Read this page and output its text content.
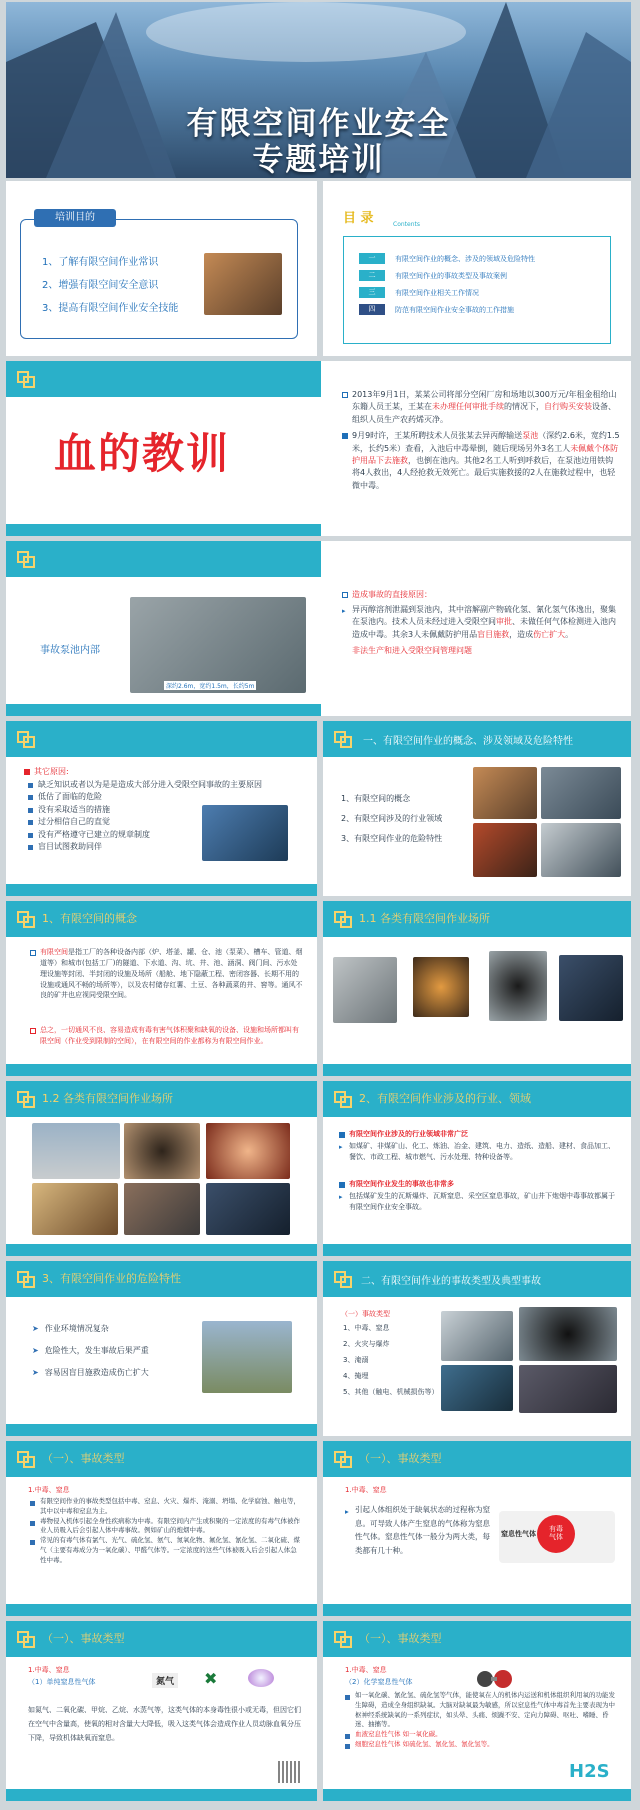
有限空间作业安全
专题培训
培训目的
1、了解有限空间作业常识
2、增强有限空间安全意识
3、提高有限空间作业安全技能
目 录	Contents
一	有限空间作业的概念、涉及的领域及危险特性
二	有限空间作业的事故类型及事故案例
三	有限空间作业相关工作情况
四	防范有限空间作业安全事故的工作措施
血的教训
2013年9月1日，某某公司将部分空闲厂房和场地以300万元/年租金租给山东籍人员王某，王某在未办理任何审批手续的情况下，自行购买安装设备、组织人员生产农药烯灭净。
9月9时许，王某所聘技术人员张某去异丙醇输送泵池（深约2.6米，宽约1.5米，长约5米）查看，入池后中毒晕倒，随后现场另外3名工人未佩戴个体防护用品下去施救，也倒在池内。其他2名工人听到呼救后，在泵池边用铁钩将4人救出，4人经抢救无效死亡。最后实施救援的2人在施救过程中，也轻微中毒。
事故泵池内部
深约2.6m，宽约1.5m，长约5m
造成事故的直接原因：
▸ 异丙醇溶剂泄漏到泵池内，其中溶解副产物硫化氢、氰化氢气体逸出，聚集在泵池内。技术人员未经过进入受限空间审批、未做任何气体检测进入池内造成中毒。其余3人未佩戴防护用品盲目施救，造成伤亡扩大。
非法生产和进入受限空间管理问题
其它原因:
缺乏知识或者以为是是造成大部分进入受限空间事故的主要原因
低估了面临的危险
没有采取适当的措施
过分相信自己的直觉
没有严格遵守已建立的规章制度
盲目试图救助同伴
一、有限空间作业的概念、涉及领域及危险特性
1、有限空间的概念
2、有限空间涉及的行业领域
3、有限空间作业的危险特性
1、有限空间的概念
有限空间是指工厂的各种设备内部（炉、塔釜、罐、仓、池（泵菜）、槽车、管道、烟道等）和城市(包括工厂)的隧道、下水道、沟、坑、井、池、涵洞、阀门间、污水处理设施等封闭、半封闭的设施及场所（船舱、地下隐蔽工程、密闭容器、长期不用的设施或通风不畅的场所等），以及农村储存红薯、土豆、各种蔬菜的井、窖等。通风不良的矿井也应视同受限空间。
总之，一切通风不良、容易造成有毒有害气体积聚和缺氧的设备、设施和场所都叫有限空间（作业受到限制的空间），在有限空间的作业都称为有限空间作业。
1.1 各类有限空间作业场所
1.2 各类有限空间作业场所	2、有限空间作业涉及的行业、领域
有限空间作业涉及的行业领域非常广泛
▸ 如煤矿、非煤矿山、化工、炼油、冶金、建筑、电力、造纸、造船、建材、食品加工、餐饮、市政工程、城市燃气、污水处理、特种设备等。
有限空间作业发生的事故也非常多
▸ 包括煤矿发生的瓦斯爆炸、瓦斯窒息、采空区窒息事故，矿山井下炮烟中毒事故都属于有限空间作业安全事故。
3、有限空间作业的危险特性
➤ 作业环境情况复杂
➤ 危险性大，发生事故后果严重
➤ 容易因盲目施救造成伤亡扩大
二、有限空间作业的事故类型及典型事故
（一）事故类型
1、中毒、窒息
2、火灾与爆炸
3、淹溺
4、掩埋
5、其他（触电、机械损伤等）
（一）、事故类型
1.中毒、窒息
有限空间作业的事故类型包括中毒、窒息、火灾、爆炸、淹溺、坍塌、化学腐蚀、触电等，其中以中毒和窒息为主。
毒物侵入机体引起全身性疾病称为中毒。有限空间内产生或积聚的一定浓度的有毒气体被作业人员吸入后会引起人体中毒事故。例如矿山的炮烟中毒。
常见的有毒气体有氯气、光气、硫化氢、氨气、氮氧化物、氟化氢、氰化氢、二氧化硫、煤气（主要有毒成分为一氧化碳）、甲醛气体等。一定浓度的这些气体被吸入后会引起人体急性中毒。
（一）、事故类型
1.中毒、窒息
▸ 引起人体组织处于缺氧状态的过程称为窒息。可导致人体产生窒息的气体称为窒息性气体。窒息性气体一般分为两大类，每类都有几十种。
有毒
气体
窒息性气体
（一）、事故类型
1.中毒、窒息
（1）单纯窒息性气体	氮气 ✖
如氮气、二氧化碳、甲烷、乙烷、水蒸气等，这类气体的本身毒性很小或无毒，但因它们在空气中含量高，使氧的相对含量大大降低，吸入这类气体会造成作业人员动脉血氧分压下降，导致机体缺氧而窒息。
（一）、事故类型
1.中毒、窒息
（2）化学窒息性气体
如一氧化碳、氰化氢、硫化氢等气体，能使氧在人的机体内运送和机体组织利用氧的功能发生障碍，造成全身组织缺氧。大脑对缺氧最为敏感，所以窒息性气体中毒首先主要表现为中枢神经系统缺氧的一系列症状，如头晕、头痛、烦躁不安、定向力障碍、呕吐、嗜睡、昏迷、抽搐等。
血液窒息性气体 如一氧化碳。
细胞窒息性气体 如硫化氢、氰化氢、氰化氢等。
H2S
